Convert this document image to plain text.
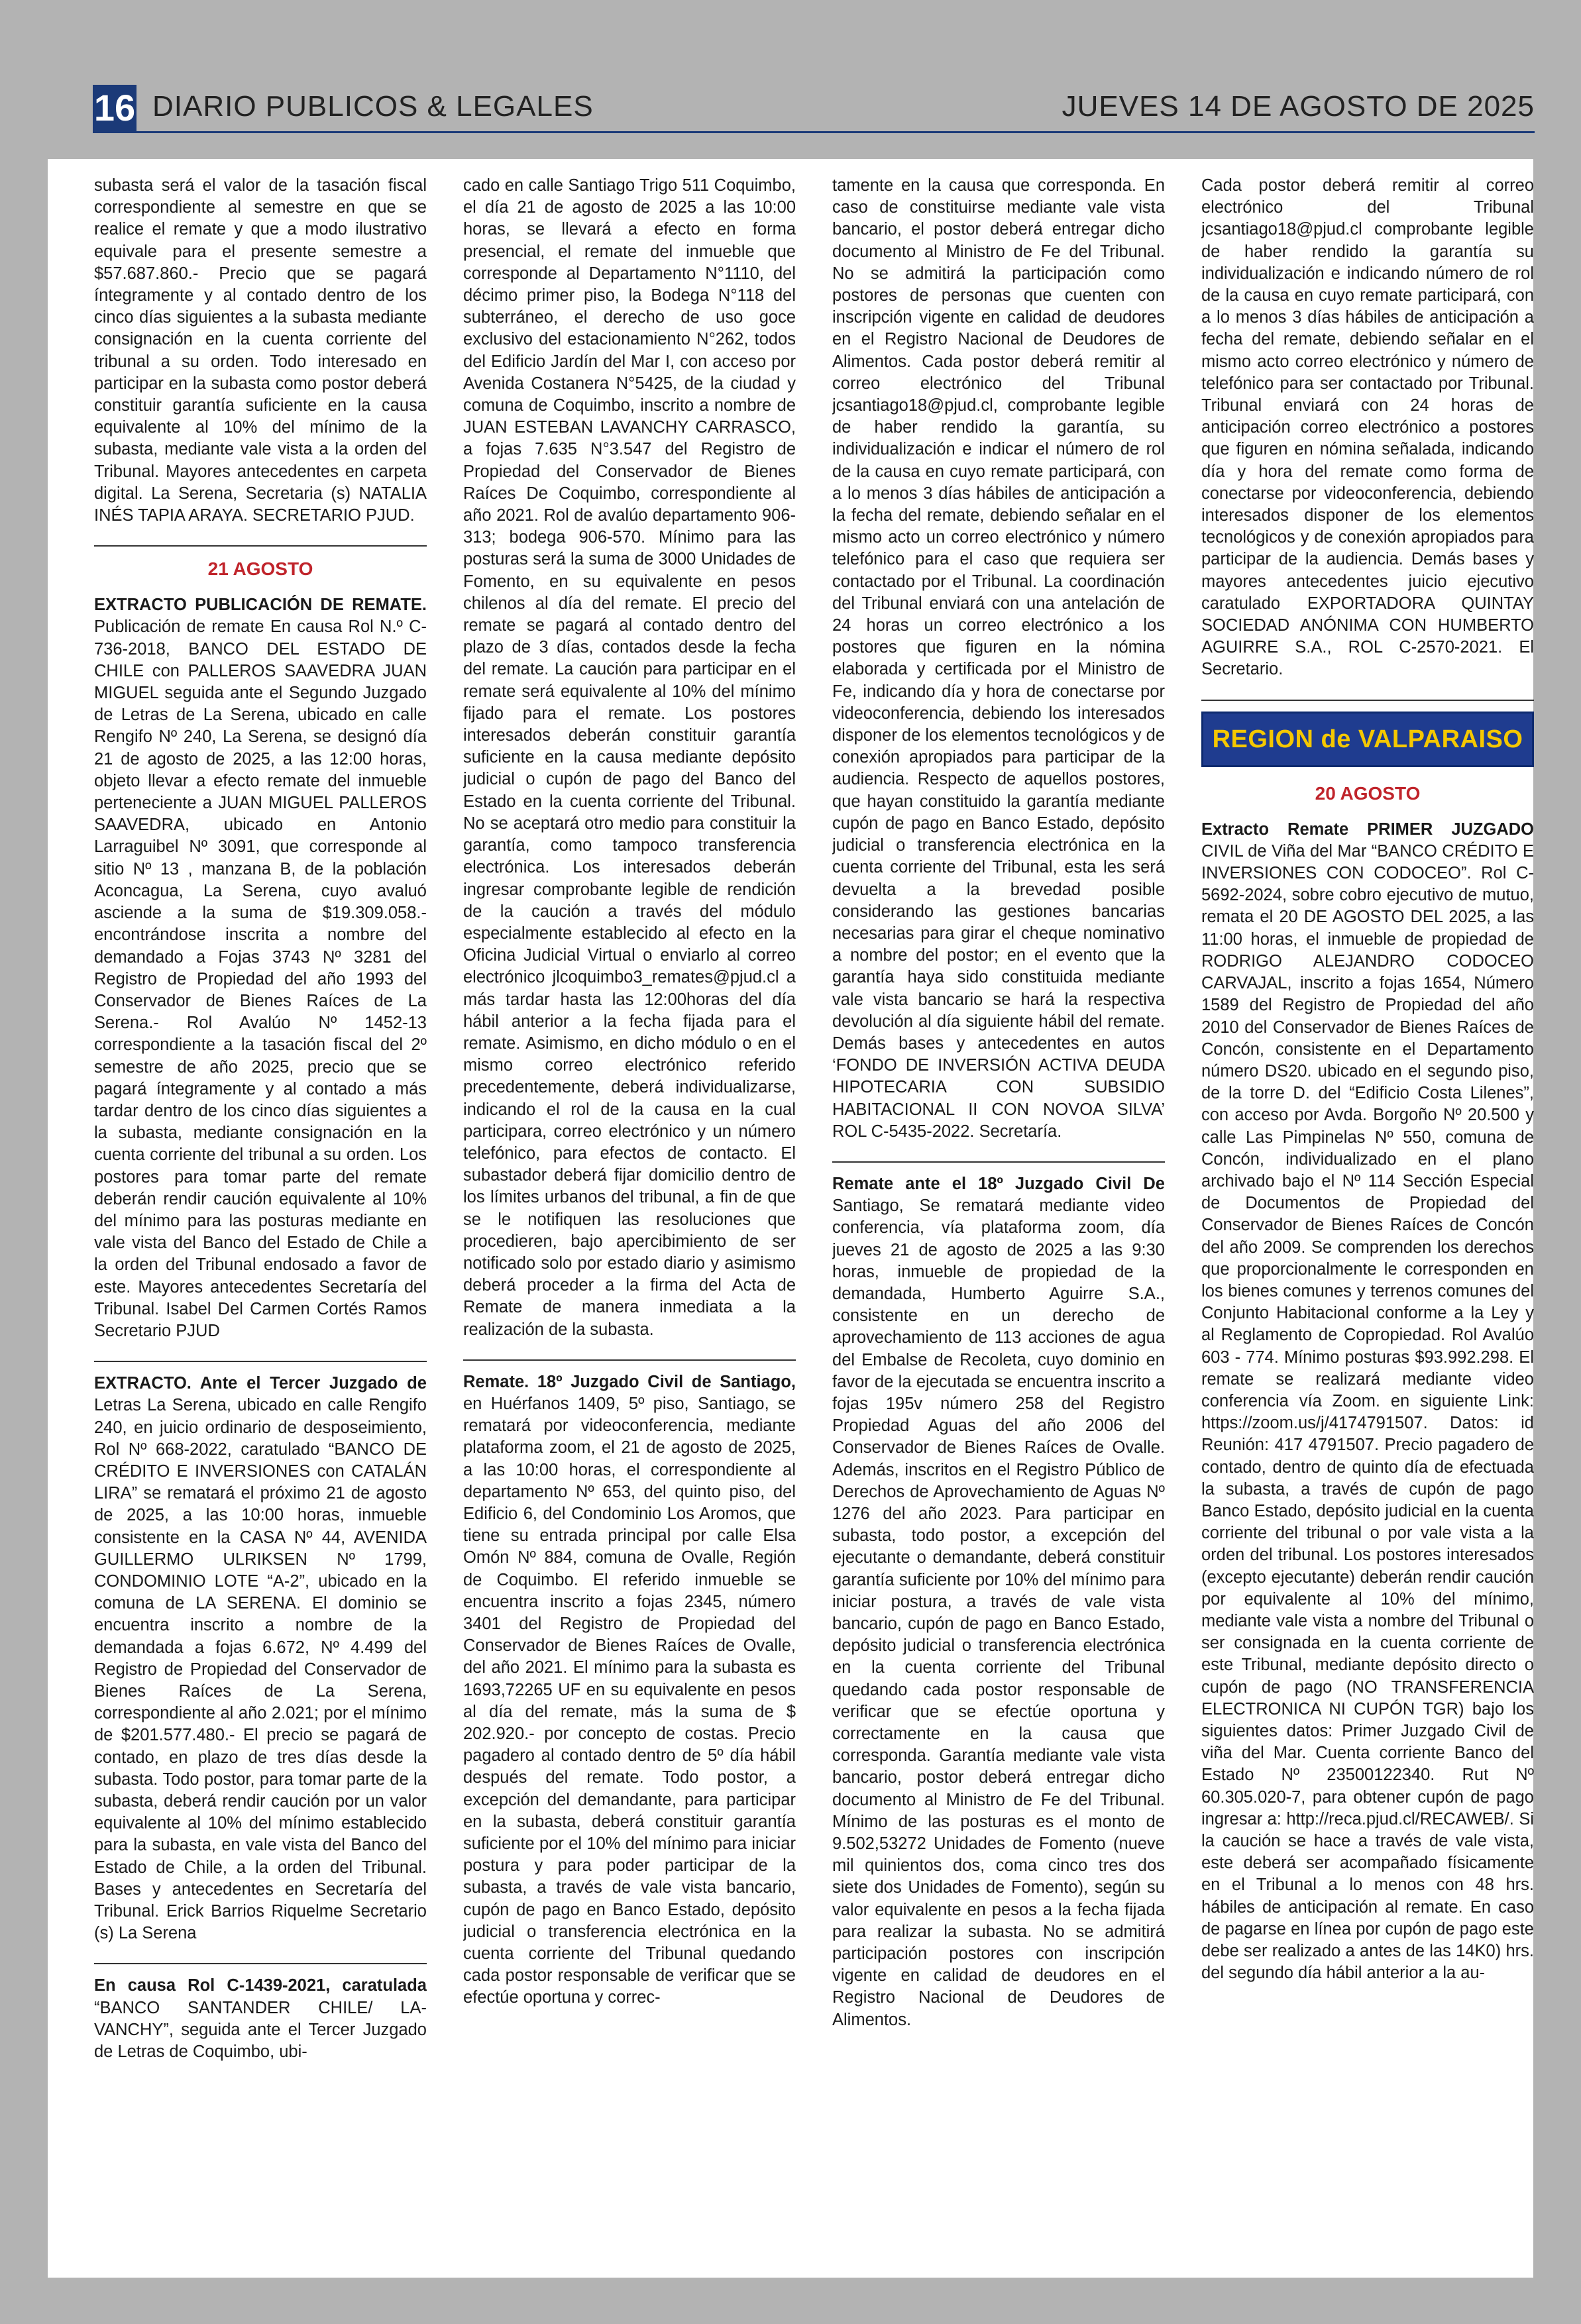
16 DIARIO PUBLICOS & LEGALES	JUEVES 14 DE AGOSTO DE 2025

subasta será el valor de la tasación fiscal correspondiente al semestre en que se realice el remate y que a modo ilustrativo equivale para el presente semestre a $57.687.860.- Precio que se pagará íntegramente y al contado dentro de los cinco días siguientes a la subasta mediante consignación en la cuenta corriente del tribunal a su orden. Todo interesado en participar en la subasta como postor deberá constituir garantía suficiente en la causa equivalente al 10% del mínimo de la subasta, mediante vale vista a la orden del Tribunal. Mayores antecedentes en carpeta digital. La Serena, Secretaria (s) NATALIA INÉS TAPIA ARAYA. SECRETARIO PJUD.

21 AGOSTO

EXTRACTO PUBLICACIÓN DE REMATE. Publicación de remate En causa Rol N.º C-736-2018, BANCO DEL ESTADO DE CHILE con PALLEROS SAAVEDRA JUAN MIGUEL seguida ante el Segundo Juzgado de Letras de La Serena, ubicado en calle Rengifo Nº 240, La Serena, se designó día 21 de agosto de 2025, a las 12:00 horas, objeto llevar a efecto remate del inmueble perteneciente a JUAN MIGUEL PALLEROS SAAVEDRA, ubicado en Antonio Larraguibel Nº 3091, que corresponde al sitio Nº 13 , manzana B, de la población Aconcagua, La Serena, cuyo avaluó asciende a la suma de $19.309.058.- encontrándose inscrita a nombre del demandado a Fojas 3743 Nº 3281 del Registro de Propiedad del año 1993 del Conservador de Bienes Raíces de La Serena.- Rol Avalúo Nº 1452-13 correspondiente a la tasación fiscal del 2º semestre de año 2025, precio que se pagará íntegramente y al contado a más tardar dentro de los cinco días siguientes a la subasta, mediante consignación en la cuenta corriente del tribunal a su orden. Los postores para tomar parte del remate deberán rendir caución equivalente al 10% del mínimo para las posturas mediante en vale vista del Banco del Estado de Chile a la orden del Tribunal endosado a favor de este. Mayores antecedentes Secretaría del Tribunal. Isabel Del Carmen Cortés Ramos Secretario PJUD

EXTRACTO. Ante el Tercer Juzgado de Letras La Serena, ubicado en calle Rengifo 240, en juicio ordinario de desposeimiento, Rol Nº 668-2022, caratulado “BANCO DE CRÉDITO E INVERSIONES con CATALÁN LIRA” se rematará el próximo 21 de agosto de 2025, a las 10:00 horas, inmueble consistente en la CASA Nº 44, AVENIDA GUILLERMO ULRIKSEN Nº 1799, CONDOMINIO LOTE “A-2”, ubicado en la comuna de LA SERENA. El dominio se encuentra inscrito a nombre de la demandada a fojas 6.672, Nº 4.499 del Registro de Propiedad del Conservador de Bienes Raíces de La Serena, correspondiente al año 2.021; por el mínimo de $201.577.480.- El precio se pagará de contado, en plazo de tres días desde la subasta. Todo postor, para tomar parte de la subasta, deberá rendir caución por un valor equivalente al 10% del mínimo establecido para la subasta, en vale vista del Banco del Estado de Chile, a la orden del Tribunal. Bases y antecedentes en Secretaría del Tribunal. Erick Barrios Riquelme Secretario (s) La Serena

En causa Rol C-1439-2021, caratulada “BANCO SANTANDER CHILE/ LA-VANCHY”, seguida ante el Tercer Juzgado de Letras de Coquimbo, ubi-

cado en calle Santiago Trigo 511 Coquimbo, el día 21 de agosto de 2025 a las 10:00 horas, se llevará a efecto en forma presencial, el remate del inmueble que corresponde al Departamento N°1110, del décimo primer piso, la Bodega N°118 del subterráneo, el derecho de uso goce exclusivo del estacionamiento N°262, todos del Edificio Jardín del Mar I, con acceso por Avenida Costanera N°5425, de la ciudad y comuna de Coquimbo, inscrito a nombre de JUAN ESTEBAN LAVANCHY CARRASCO, a fojas 7.635 N°3.547 del Registro de Propiedad del Conservador de Bienes Raíces De Coquimbo, correspondiente al año 2021. Rol de avalúo departamento 906-313; bodega 906-570. Mínimo para las posturas será la suma de 3000 Unidades de Fomento, en su equivalente en pesos chilenos al día del remate. El precio del remate se pagará al contado dentro del plazo de 3 días, contados desde la fecha del remate. La caución para participar en el remate será equivalente al 10% del mínimo fijado para el remate. Los postores interesados deberán constituir garantía suficiente en la causa mediante depósito judicial o cupón de pago del Banco del Estado en la cuenta corriente del Tribunal. No se aceptará otro medio para constituir la garantía, como tampoco transferencia electrónica. Los interesados deberán ingresar comprobante legible de rendición de la caución a través del módulo especialmente establecido al efecto en la Oficina Judicial Virtual o enviarlo al correo electrónico jlcoquimbo3_remates@pjud.cl a más tardar hasta las 12:00horas del día hábil anterior a la fecha fijada para el remate. Asimismo, en dicho módulo o en el mismo correo electrónico referido precedentemente, deberá individualizarse, indicando el rol de la causa en la cual participara, correo electrónico y un número telefónico, para efectos de contacto. El subastador deberá fijar domicilio dentro de los límites urbanos del tribunal, a fin de que se le notifiquen las resoluciones que procedieren, bajo apercibimiento de ser notificado solo por estado diario y asimismo deberá proceder a la firma del Acta de Remate de manera inmediata a la realización de la subasta.

Remate. 18º Juzgado Civil de Santiago, en Huérfanos 1409, 5º piso, Santiago, se rematará por videoconferencia, mediante plataforma zoom, el 21 de agosto de 2025, a las 10:00 horas, el correspondiente al departamento Nº 653, del quinto piso, del Edificio 6, del Condominio Los Aromos, que tiene su entrada principal por calle Elsa Omón Nº 884, comuna de Ovalle, Región de Coquimbo. El referido inmueble se encuentra inscrito a fojas 2345, número 3401 del Registro de Propiedad del Conservador de Bienes Raíces de Ovalle, del año 2021. El mínimo para la subasta es 1693,72265 UF en su equivalente en pesos al día del remate, más la suma de $ 202.920.- por concepto de costas. Precio pagadero al contado dentro de 5º día hábil después del remate. Todo postor, a excepción del demandante, para participar en la subasta, deberá constituir garantía suficiente por el 10% del mínimo para iniciar postura y para poder participar de la subasta, a través de vale vista bancario, cupón de pago en Banco Estado, depósito judicial o transferencia electrónica en la cuenta corriente del Tribunal quedando cada postor responsable de verificar que se efectúe oportuna y correc-

tamente en la causa que corresponda. En caso de constituirse mediante vale vista bancario, el postor deberá entregar dicho documento al Ministro de Fe del Tribunal. No se admitirá la participación como postores de personas que cuenten con inscripción vigente en calidad de deudores en el Registro Nacional de Deudores de Alimentos. Cada postor deberá remitir al correo electrónico del Tribunal jcsantiago18@pjud.cl, comprobante legible de haber rendido la garantía, su individualización e indicar el número de rol de la causa en cuyo remate participará, con a lo menos 3 días hábiles de anticipación a la fecha del remate, debiendo señalar en el mismo acto un correo electrónico y número telefónico para el caso que requiera ser contactado por el Tribunal. La coordinación del Tribunal enviará con una antelación de 24 horas un correo electrónico a los postores que figuren en la nómina elaborada y certificada por el Ministro de Fe, indicando día y hora de conectarse por videoconferencia, debiendo los interesados disponer de los elementos tecnológicos y de conexión apropiados para participar de la audiencia. Respecto de aquellos postores, que hayan constituido la garantía mediante cupón de pago en Banco Estado, depósito judicial o transferencia electrónica en la cuenta corriente del Tribunal, esta les será devuelta a la brevedad posible considerando las gestiones bancarias necesarias para girar el cheque nominativo a nombre del postor; en el evento que la garantía haya sido constituida mediante vale vista bancario se hará la respectiva devolución al día siguiente hábil del remate. Demás bases y antecedentes en autos ‘FONDO DE INVERSIÓN ACTIVA DEUDA HIPOTECARIA CON SUBSIDIO HABITACIONAL II CON NOVOA SILVA’ ROL C-5435-2022. Secretaría.

Remate ante el 18º Juzgado Civil De Santiago, Se rematará mediante video conferencia, vía plataforma zoom, día jueves 21 de agosto de 2025 a las 9:30 horas, inmueble de propiedad de la demandada, Humberto Aguirre S.A., consistente en un derecho de aprovechamiento de 113 acciones de agua del Embalse de Recoleta, cuyo dominio en favor de la ejecutada se encuentra inscrito a fojas 195v número 258 del Registro Propiedad Aguas del año 2006 del Conservador de Bienes Raíces de Ovalle. Además, inscritos en el Registro Público de Derechos de Aprovechamiento de Aguas Nº 1276 del año 2023. Para participar en subasta, todo postor, a excepción del ejecutante o demandante, deberá constituir garantía suficiente por 10% del mínimo para iniciar postura, a través de vale vista bancario, cupón de pago en Banco Estado, depósito judicial o transferencia electrónica en la cuenta corriente del Tribunal quedando cada postor responsable de verificar que se efectúe oportuna y correctamente en la causa que corresponda. Garantía mediante vale vista bancario, postor deberá entregar dicho documento al Ministro de Fe del Tribunal. Mínimo de las posturas es el monto de 9.502,53272 Unidades de Fomento (nueve mil quinientos dos, coma cinco tres dos siete dos Unidades de Fomento), según su valor equivalente en pesos a la fecha fijada para realizar la subasta. No se admitirá participación postores con inscripción vigente en calidad de deudores en el Registro Nacional de Deudores de Alimentos.

Cada postor deberá remitir al correo electrónico del Tribunal jcsantiago18@pjud.cl comprobante legible de haber rendido la garantía su individualización e indicando número de rol de la causa en cuyo remate participará, con a lo menos 3 días hábiles de anticipación a fecha del remate, debiendo señalar en el mismo acto correo electrónico y número de telefónico para ser contactado por Tribunal. Tribunal enviará con 24 horas de anticipación correo electrónico a postores que figuren en nómina señalada, indicando día y hora del remate como forma de conectarse por videoconferencia, debiendo interesados disponer de los elementos tecnológicos y de conexión apropiados para participar de la audiencia. Demás bases y mayores antecedentes juicio ejecutivo caratulado EXPORTADORA QUINTAY SOCIEDAD ANÓNIMA CON HUMBERTO AGUIRRE S.A., ROL C-2570-2021. El Secretario.

REGION de VALPARAISO
20 AGOSTO

Extracto Remate PRIMER JUZGADO CIVIL de Viña del Mar “BANCO CRÉDITO E INVERSIONES CON CODOCEO”. Rol C-5692-2024, sobre cobro ejecutivo de mutuo, remata el 20 DE AGOSTO DEL 2025, a las 11:00 horas, el inmueble de propiedad de RODRIGO ALEJANDRO CODOCEO CARVAJAL, inscrito a fojas 1654, Número 1589 del Registro de Propiedad del año 2010 del Conservador de Bienes Raíces de Concón, consistente en el Departamento número DS20. ubicado en el segundo piso, de la torre D. del “Edificio Costa Lilenes”, con acceso por Avda. Borgoño Nº 20.500 y calle Las Pimpinelas Nº 550, comuna de Concón, individualizado en el plano archivado bajo el Nº 114 Sección Especial de Documentos de Propiedad del Conservador de Bienes Raíces de Concón del año 2009. Se comprenden los derechos que proporcionalmente le corresponden en los bienes comunes y terrenos comunes del Conjunto Habitacional conforme a la Ley y al Reglamento de Copropiedad. Rol Avalúo 603 - 774. Mínimo posturas $93.992.298. El remate se realizará mediante video conferencia vía Zoom. en siguiente Link: https://zoom.us/j/4174791507. Datos: id Reunión: 417 4791507. Precio pagadero de contado, dentro de quinto día de efectuada la subasta, a través de cupón de pago Banco Estado, depósito judicial en la cuenta corriente del tribunal o por vale vista a la orden del tribunal. Los postores interesados (excepto ejecutante) deberán rendir caución por equivalente al 10% del mínimo, mediante vale vista a nombre del Tribunal o ser consignada en la cuenta corriente de este Tribunal, mediante depósito directo o cupón de pago (NO TRANSFERENCIA ELECTRONICA NI CUPÓN TGR) bajo los siguientes datos: Primer Juzgado Civil de viña del Mar. Cuenta corriente Banco del Estado Nº 23500122340. Rut Nº 60.305.020-7, para obtener cupón de pago ingresar a: http://reca.pjud.cl/RECAWEB/. Si la caución se hace a través de vale vista, este deberá ser acompañado físicamente en el Tribunal a lo menos con 48 hrs. hábiles de anticipación al remate. En caso de pagarse en línea por cupón de pago este debe ser realizado a antes de las 14K0) hrs. del segundo día hábil anterior a la au-
